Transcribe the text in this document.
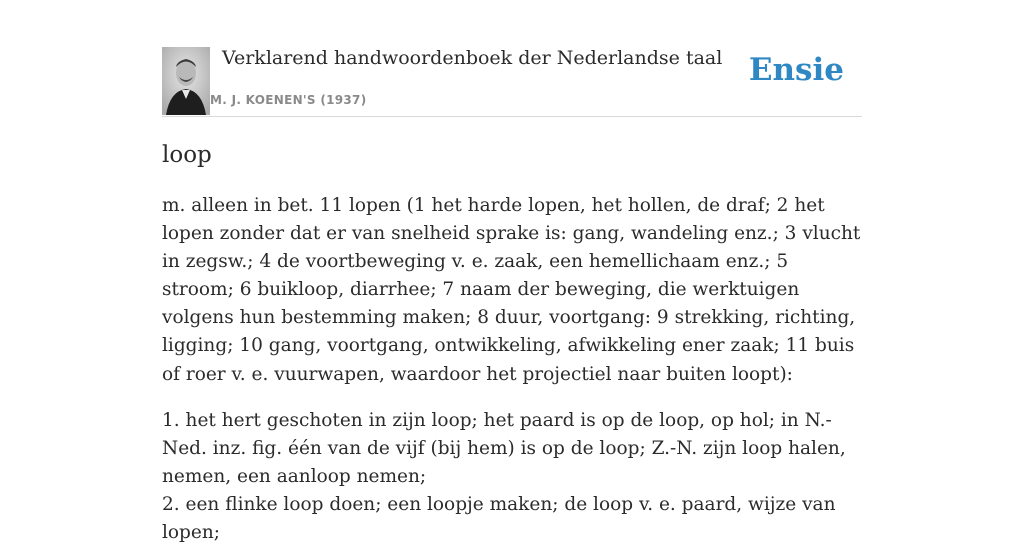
Verklarend handwoordenboek der Nederlandse taal
M. J. KOENEN'S (1937)
Ensie
loop

m. alleen in bet. 11 lopen (1 het harde lopen, het hollen, de draf; 2 het lopen zonder dat er van snelheid sprake is: gang, wandeling enz.; 3 vlucht in zegsw.; 4 de voortbeweging v. e. zaak, een hemellichaam enz.; 5 stroom; 6 buikloop, diarrhee; 7 naam der beweging, die werktuigen volgens hun bestemming maken; 8 duur, voortgang: 9 strekking, richting, ligging; 10 gang, voortgang, ontwikkeling, afwikkeling ener zaak; 11 buis of roer v. e. vuurwapen, waardoor het projectiel naar buiten loopt):

1. het hert geschoten in zijn loop; het paard is op de loop, op hol; in N.-Ned. inz. fig. één van de vijf (bij hem) is op de loop; Z.-N. zijn loop halen, nemen, een aanloop nemen;

2. een flinke loop doen; een loopje maken; de loop v. e. paard, wijze van lopen;
